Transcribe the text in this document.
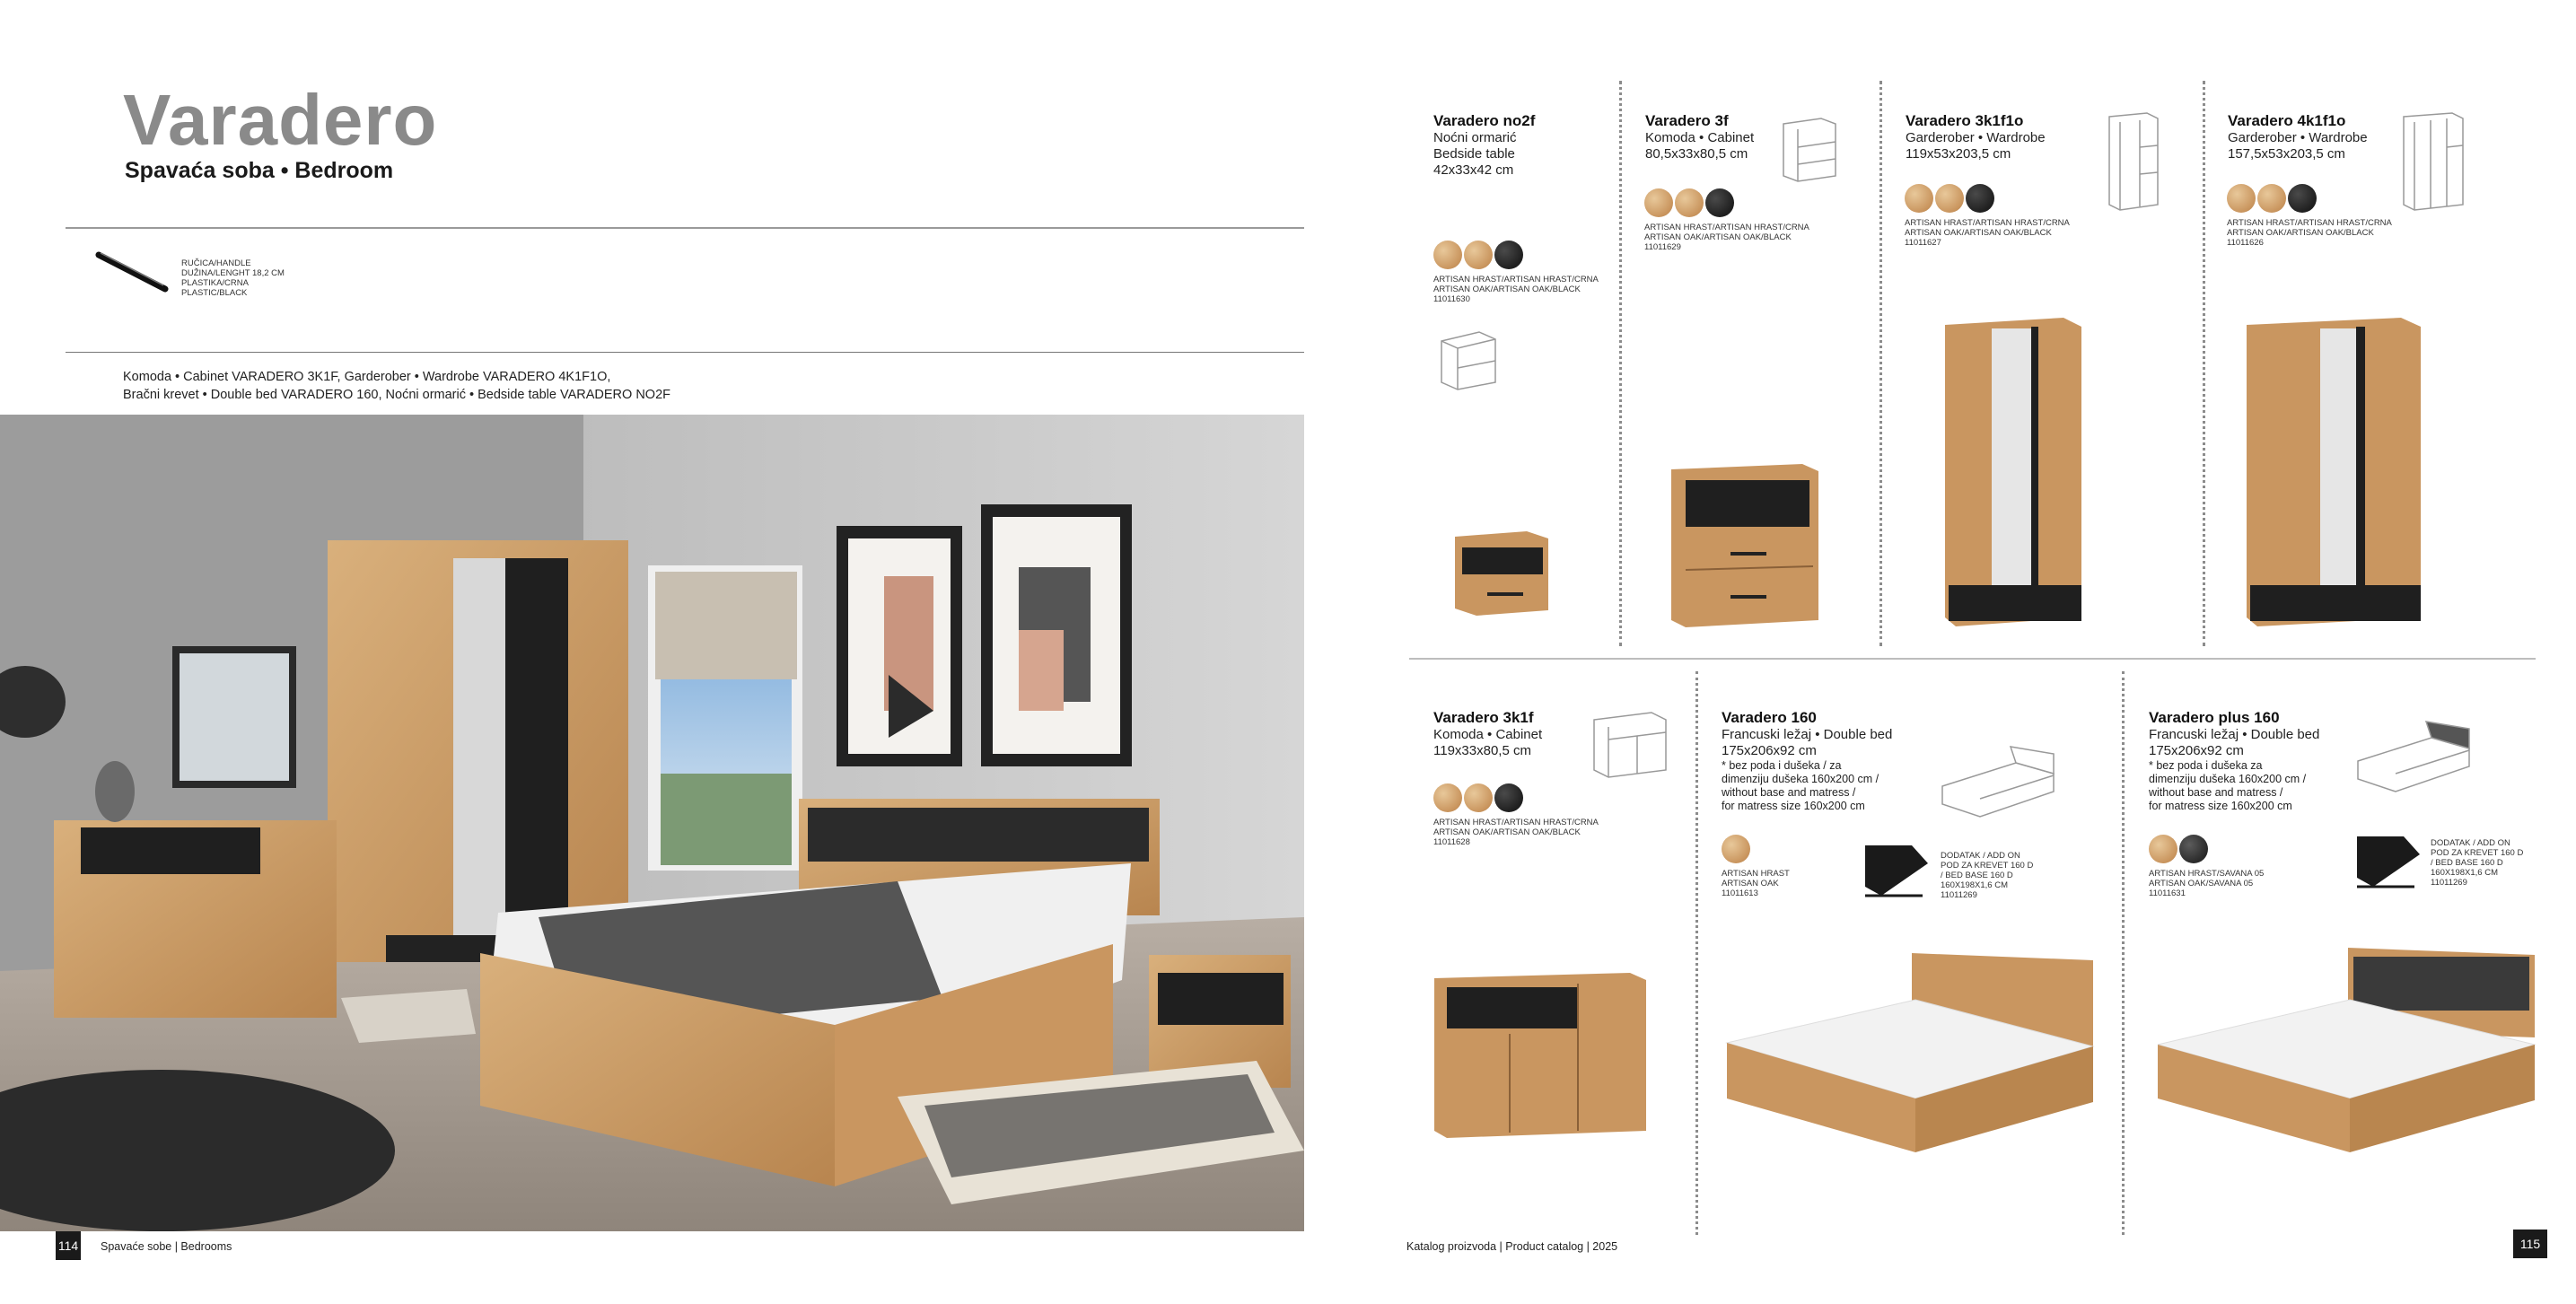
Varadero
Spavaća soba • Bedroom
RUČICA/HANDLE
DUŽINA/LENGHT 18,2 CM
PLASTIKA/CRNA
PLASTIC/BLACK
Komoda • Cabinet VARADERO 3K1F, Garderober • Wardrobe VARADERO 4K1F1O,
Bračni krevet • Double bed VARADERO 160, Noćni ormarić • Bedside table VARADERO NO2F
114 Spavaće sobe | Bedrooms
Varadero no2f
Noćni ormarić
Bedside table
42x33x42 cm
ARTISAN HRAST/ARTISAN HRAST/CRNA
ARTISAN OAK/ARTISAN OAK/BLACK
11011630
Varadero 3f
Komoda • Cabinet
80,5x33x80,5 cm
ARTISAN HRAST/ARTISAN HRAST/CRNA
ARTISAN OAK/ARTISAN OAK/BLACK
11011629
Varadero 3k1f1o
Garderober • Wardrobe
119x53x203,5 cm
ARTISAN HRAST/ARTISAN HRAST/CRNA
ARTISAN OAK/ARTISAN OAK/BLACK
11011627
Varadero 4k1f1o
Garderober • Wardrobe
157,5x53x203,5 cm
ARTISAN HRAST/ARTISAN HRAST/CRNA
ARTISAN OAK/ARTISAN OAK/BLACK
11011626
Varadero 3k1f
Komoda • Cabinet
119x33x80,5 cm
ARTISAN HRAST/ARTISAN HRAST/CRNA
ARTISAN OAK/ARTISAN OAK/BLACK
11011628
Varadero 160
Francuski ležaj • Double bed
175x206x92 cm
* bez poda i dušeka / za
dimenziju dušeka 160x200 cm /
without base and matress /
for matress size 160x200 cm
ARTISAN HRAST
ARTISAN OAK
11011613
DODATAK / ADD ON
POD ZA KREVET 160 D
/ BED BASE 160 D
160X198X1,6 CM
11011269
Varadero plus 160
Francuski ležaj • Double bed
175x206x92 cm
* bez poda i dušeka za
dimenziju dušeka 160x200 cm /
without base and matress /
for matress size 160x200 cm
ARTISAN HRAST/SAVANA 05
ARTISAN OAK/SAVANA 05
11011631
DODATAK / ADD ON
POD ZA KREVET 160 D
/ BED BASE 160 D
160X198X1,6 CM
11011269
Katalog proizvoda | Product catalog | 2025	115
